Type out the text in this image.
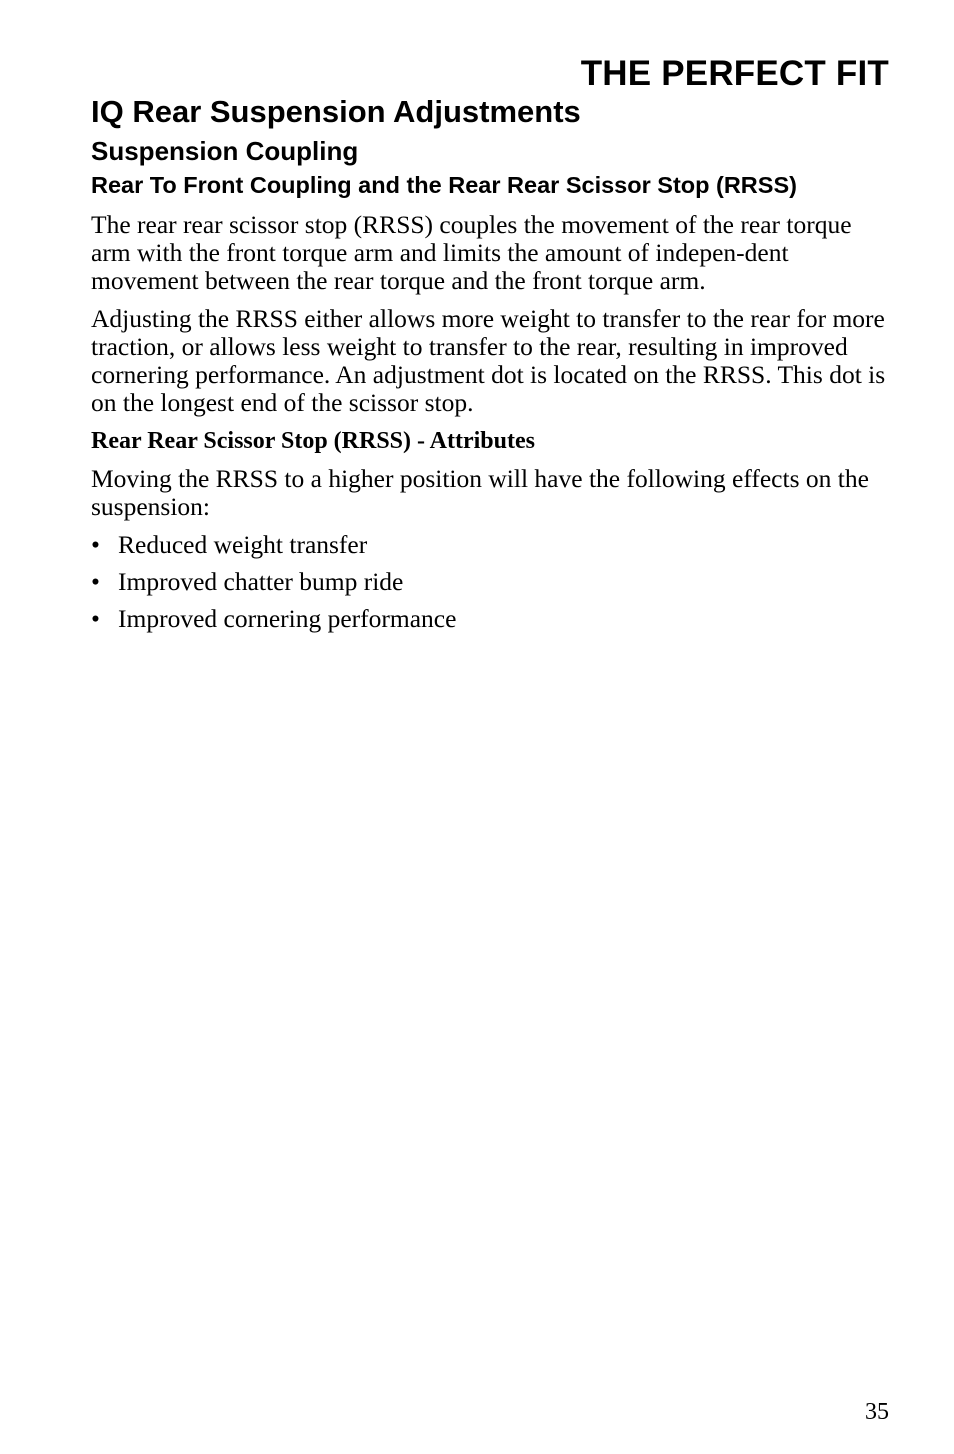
THE PERFECT FIT
IQ Rear Suspension Adjustments
Suspension Coupling
Rear To Front Coupling and the Rear Rear Scissor Stop (RRSS)

The rear rear scissor stop (RRSS) couples the movement of the rear torque arm with the front torque arm and limits the amount of indepen-dent movement between the rear torque and the front torque arm.

Adjusting the RRSS either allows more weight to transfer to the rear for more traction, or allows less weight to transfer to the rear, resulting in improved cornering performance. An adjustment dot is located on the RRSS. This dot is on the longest end of the scissor stop.

Rear Rear Scissor Stop (RRSS) - Attributes

Moving the RRSS to a higher position will have the following effects on the suspension:

• Reduced weight transfer
• Improved chatter bump ride
• Improved cornering performance
35
